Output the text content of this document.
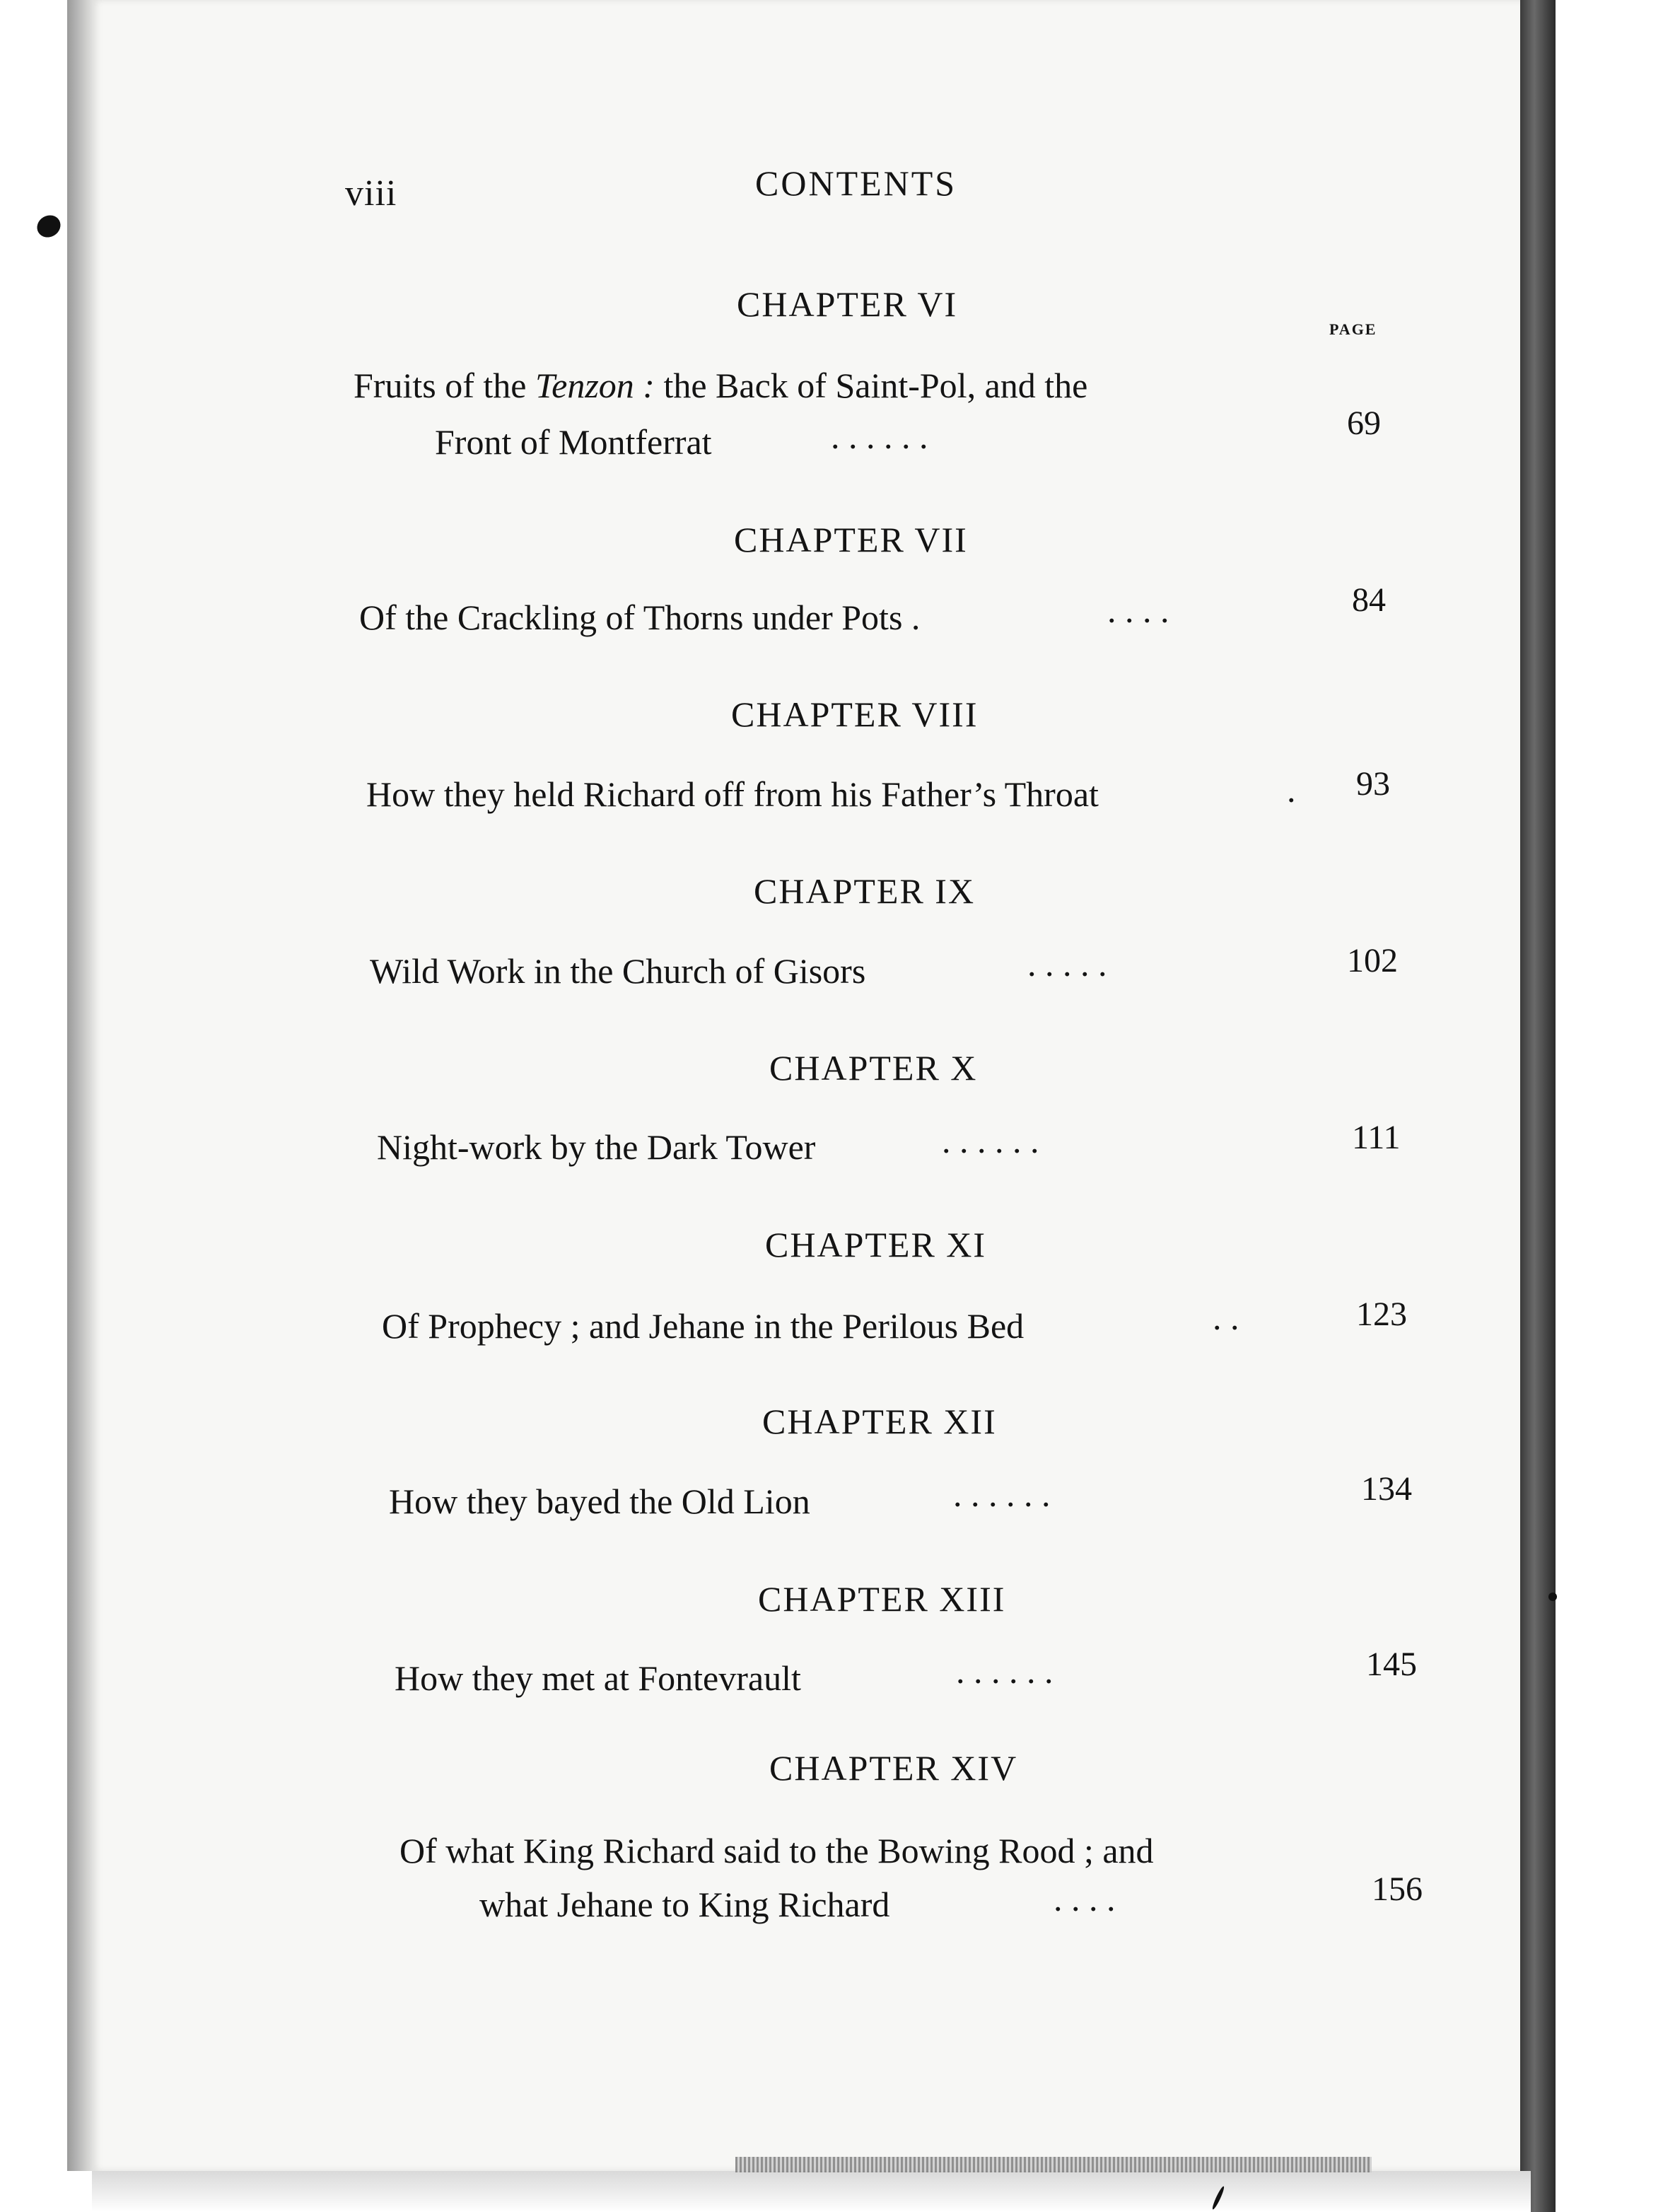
viii	CONTENTS
PAGE
CHAPTER VI
Fruits of the Tenzon : the Back of Saint-Pol, and the
Front of Montferrat	. . . . . .	69
CHAPTER VII
Of the Crackling of Thorns under Pots .	. . . .	84
CHAPTER VIII
How they held Richard off from his Father’s Throat	. 93
CHAPTER IX
Wild Work in the Church of Gisors	. . . . .	102
CHAPTER X
Night-work by the Dark Tower	. . . . . .	111
CHAPTER XI
Of Prophecy ; and Jehane in the Perilous Bed	. .	123
CHAPTER XII
How they bayed the Old Lion	. . . . . .	134
CHAPTER XIII
How they met at Fontevrault	. . . . . .	145
CHAPTER XIV
Of what King Richard said to the Bowing Rood ; and
what Jehane to King Richard	. . . .	156
